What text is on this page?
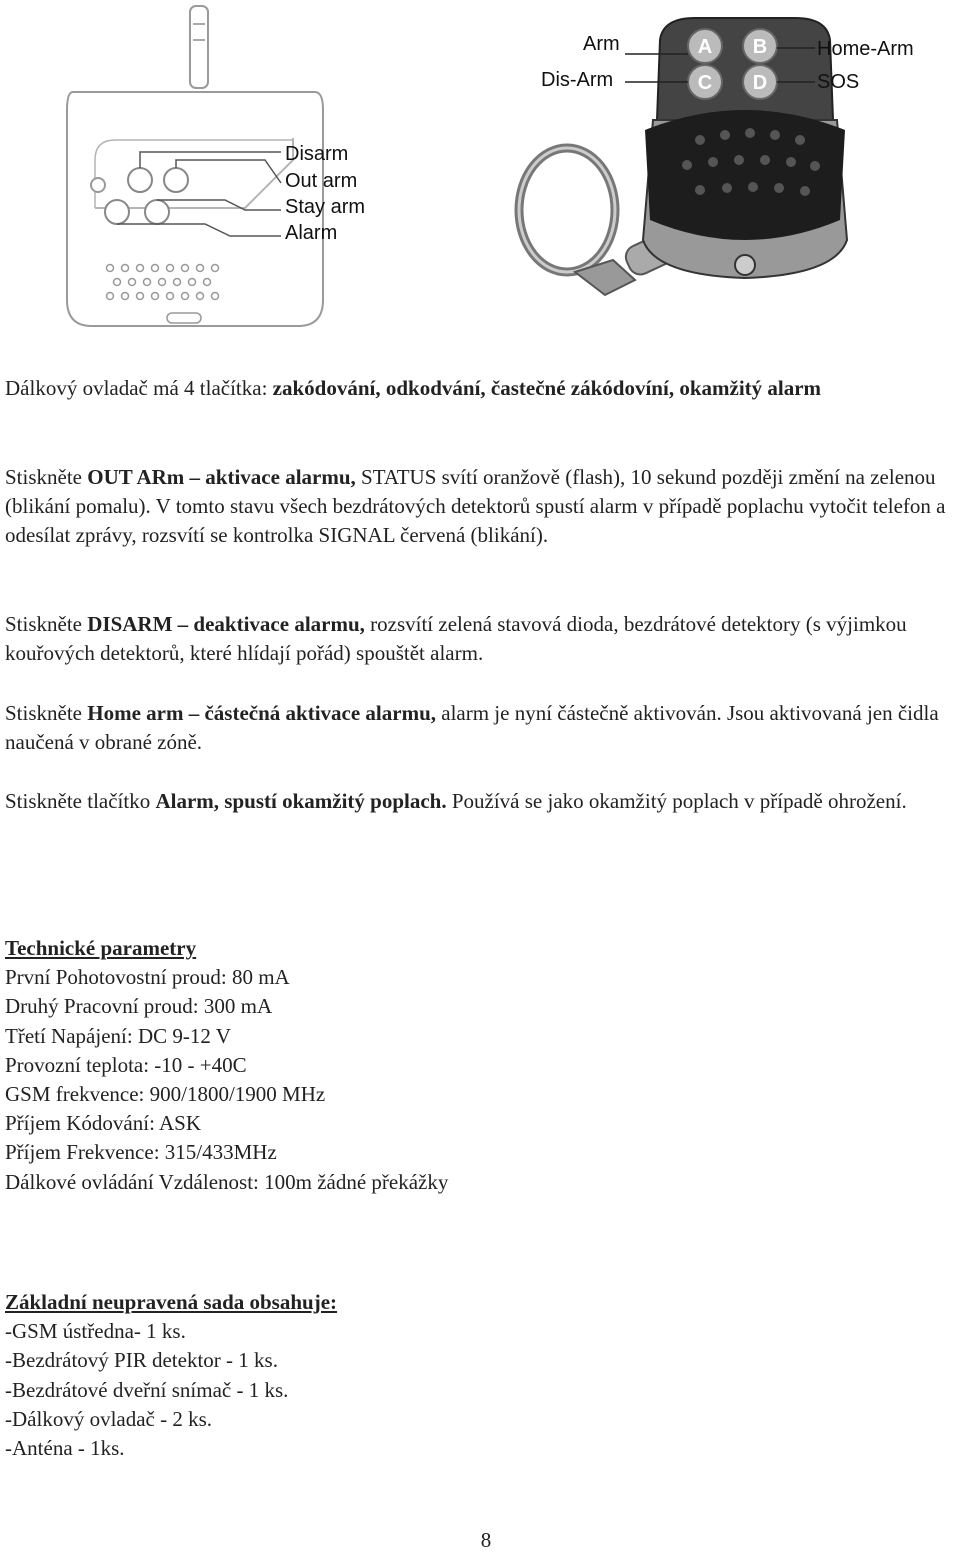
Disarm
Out arm
Stay arm
Alarm
A B
C D
Arm
Dis-Arm
Home-Arm
SOS

Dálkový ovladač má 4 tlačítka: zakódování, odkodvání, častečné zákódovíní, okamžitý alarm

Stiskněte OUT ARm – aktivace alarmu, STATUS svítí oranžově (flash), 10 sekund později změní na zelenou (blikání pomalu). V tomto stavu všech bezdrátových detektorů spustí alarm v případě poplachu vytočit telefon a odesílat zprávy, rozsvítí se kontrolka SIGNAL červená (blikání).

Stiskněte DISARM – deaktivace alarmu, rozsvítí zelená stavová dioda, bezdrátové detektory (s výjimkou kouřových detektorů, které hlídají pořád) spouštět alarm.

Stiskněte Home arm – částečná aktivace alarmu, alarm je nyní částečně aktivován. Jsou aktivovaná jen čidla naučená v obrané zóně.

Stiskněte tlačítko Alarm, spustí okamžitý poplach. Používá se jako okamžitý poplach v případě ohrožení.

Technické parametry
První Pohotovostní proud: 80 mA
Druhý Pracovní proud: 300 mA
Třetí Napájení: DC 9-12 V
Provozní teplota: -10 - +40C
GSM frekvence: 900/1800/1900 MHz
Příjem Kódování: ASK
Příjem Frekvence: 315/433MHz
Dálkové ovládání Vzdálenost: 100m žádné překážky
Základní neupravená sada obsahuje:
-GSM ústředna- 1 ks.
-Bezdrátový PIR detektor - 1 ks.
-Bezdrátové dveřní snímač - 1 ks.
-Dálkový ovladač - 2 ks.
-Anténa - 1ks.
8
